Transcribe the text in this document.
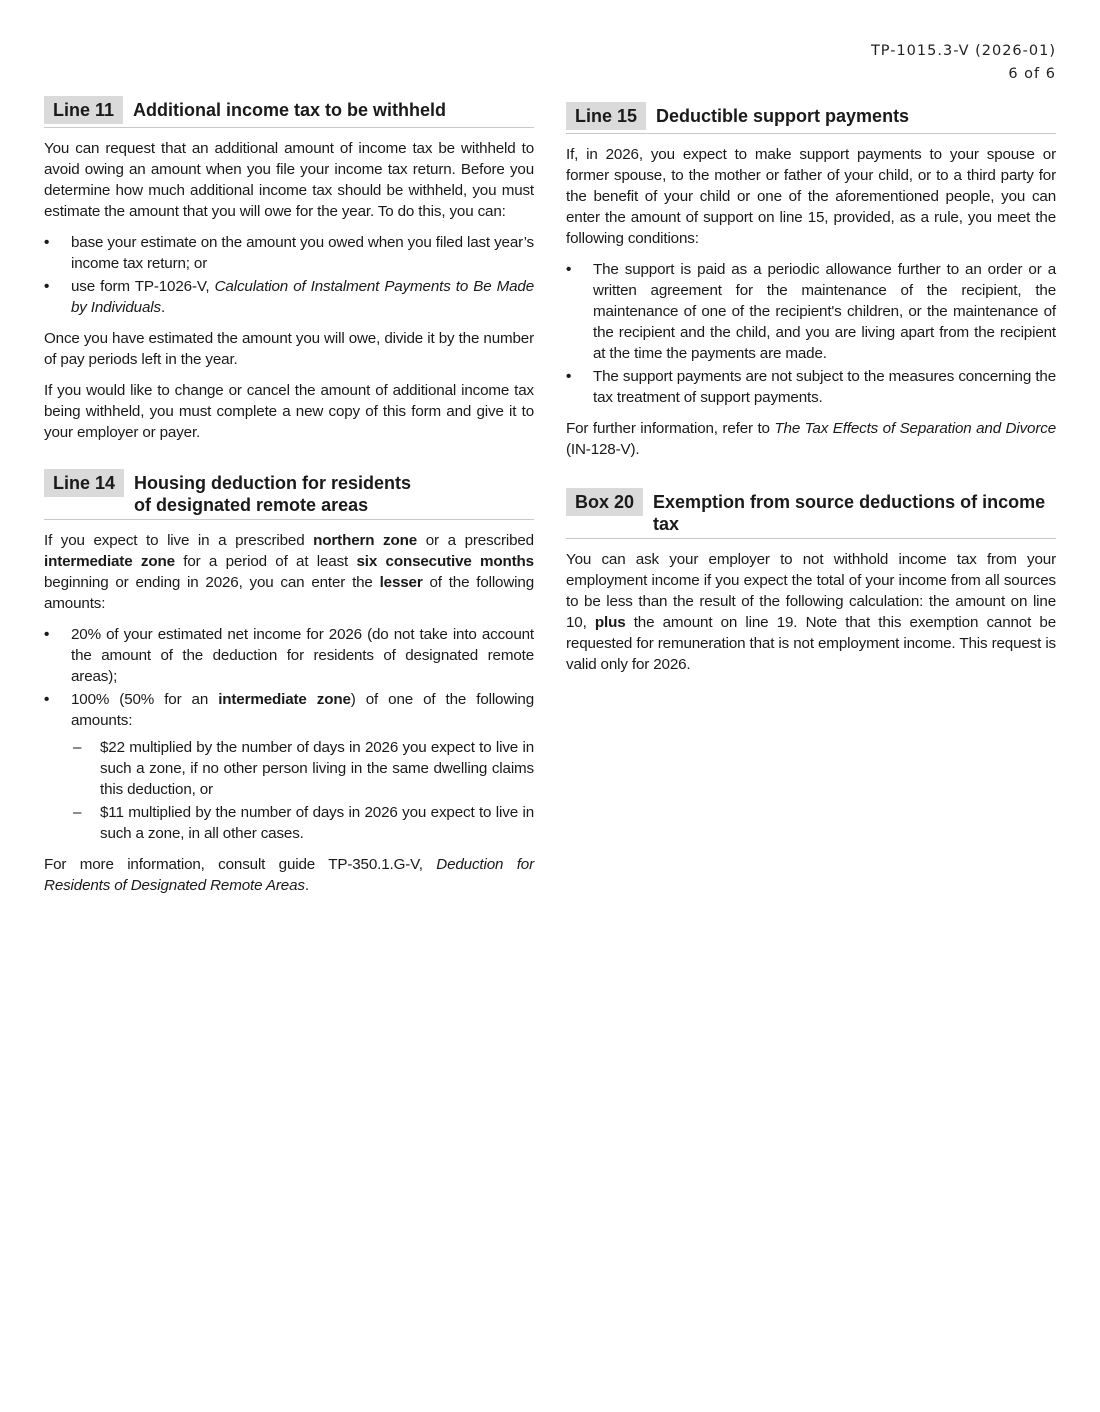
TP-1015.3-V (2026-01)
6 of 6
Line 11	Additional income tax to be withheld

You can request that an additional amount of income tax be withheld to avoid owing an amount when you file your income tax return. Before you determine how much additional income tax should be withheld, you must estimate the amount that you will owe for the year. To do this, you can:

• base your estimate on the amount you owed when you filed last year’s income tax return; or
• use form TP-1026-V, Calculation of Instalment Payments to Be Made by Individuals.

Once you have estimated the amount you will owe, divide it by the number of pay periods left in the year.

If you would like to change or cancel the amount of additional income tax being withheld, you must complete a new copy of this form and give it to your employer or payer.

Line 14	Housing deduction for residents
of designated remote areas

If you expect to live in a prescribed northern zone or a prescribed intermediate zone for a period of at least six consecutive months beginning or ending in 2026, you can enter the lesser of the following amounts:

• 20% of your estimated net income for 2026 (do not take into account the amount of the deduction for residents of designated remote areas);
• 100% (50% for an intermediate zone) of one of the following amounts:
– $22 multiplied by the number of days in 2026 you expect to live in such a zone, if no other person living in the same dwelling claims this deduction, or
– $11 multiplied by the number of days in 2026 you expect to live in such a zone, in all other cases.

For more information, consult guide TP-350.1.G-V, Deduction for Residents of Designated Remote Areas.

Line 15	Deductible support payments

If, in 2026, you expect to make support payments to your spouse or former spouse, to the mother or father of your child, or to a third party for the benefit of your child or one of the aforementioned people, you can enter the amount of support on line 15, provided, as a rule, you meet the following conditions:

• The support is paid as a periodic allowance further to an order or a written agreement for the maintenance of the recipient, the maintenance of one of the recipient's children, or the maintenance of the recipient and the child, and you are living apart from the recipient at the time the payments are made.
• The support payments are not subject to the measures concerning the tax treatment of support payments.

For further information, refer to The Tax Effects of Separation and Divorce (IN-128-V).

Box 20	Exemption from source deductions of income tax

You can ask your employer to not withhold income tax from your employment income if you expect the total of your income from all sources to be less than the result of the following calculation: the amount on line 10, plus the amount on line 19. Note that this exemption cannot be requested for remuneration that is not employment income. This request is valid only for 2026.
